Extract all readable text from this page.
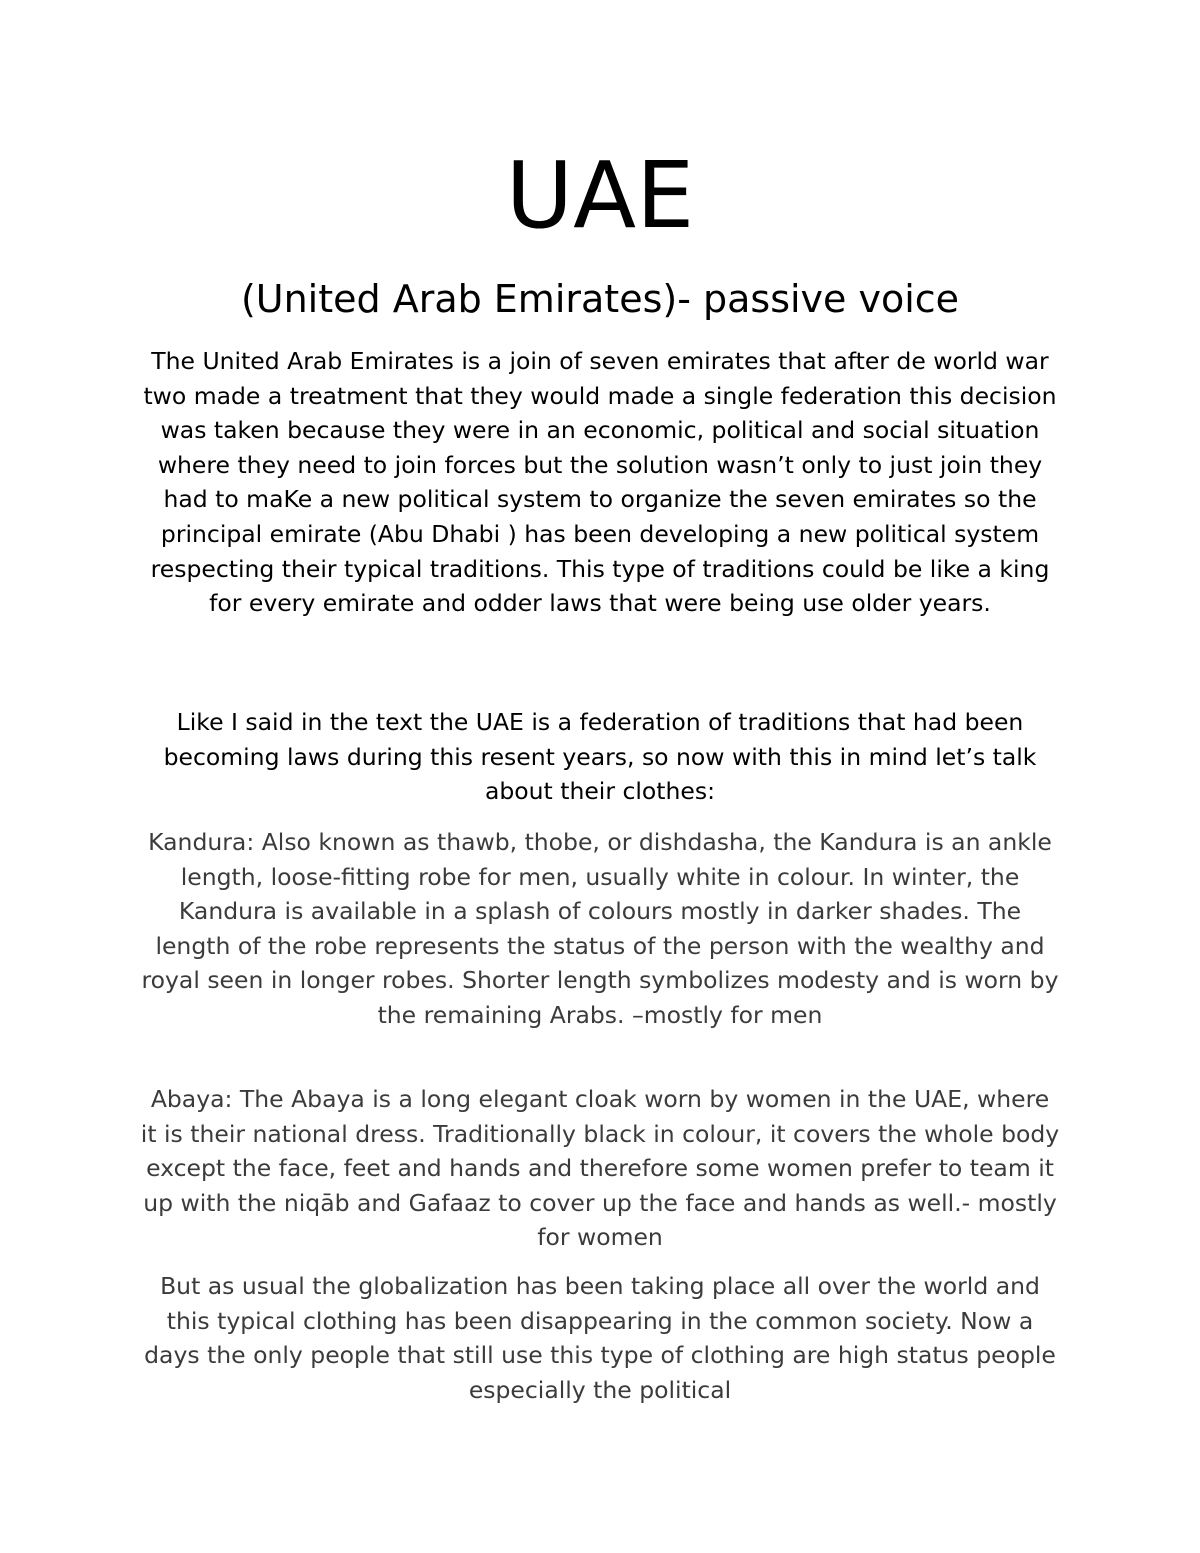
UAE
(United Arab Emirates)- passive voice

The United Arab Emirates is a join of seven emirates that after de world war two made a treatment that they would made a single federation this decision was taken because they were in an economic, political and social situation where they need to join forces but the solution wasn’t only to just join they had to maKe a new political system to organize the seven emirates so the principal emirate (Abu Dhabi ) has been developing a new political system respecting their typical traditions. This type of traditions could be like a king for every emirate and odder laws that were being use older years.

Like I said in the text the UAE is a federation of traditions that had been becoming laws during this resent years, so now with this in mind let’s talk about their clothes:

Kandura: Also known as thawb, thobe, or dishdasha, the Kandura is an ankle length, loose-fitting robe for men, usually white in colour. In winter, the Kandura is available in a splash of colours mostly in darker shades. The length of the robe represents the status of the person with the wealthy and royal seen in longer robes. Shorter length symbolizes modesty and is worn by the remaining Arabs. –mostly for men

Abaya: The Abaya is a long elegant cloak worn by women in the UAE, where it is their national dress. Traditionally black in colour, it covers the whole body except the face, feet and hands and therefore some women prefer to team it up with the niqāb and Gafaaz to cover up the face and hands as well.- mostly for women

But as usual the globalization has been taking place all over the world and this typical clothing has been disappearing in the common society. Now a days the only people that still use this type of clothing are high status people especially the political
